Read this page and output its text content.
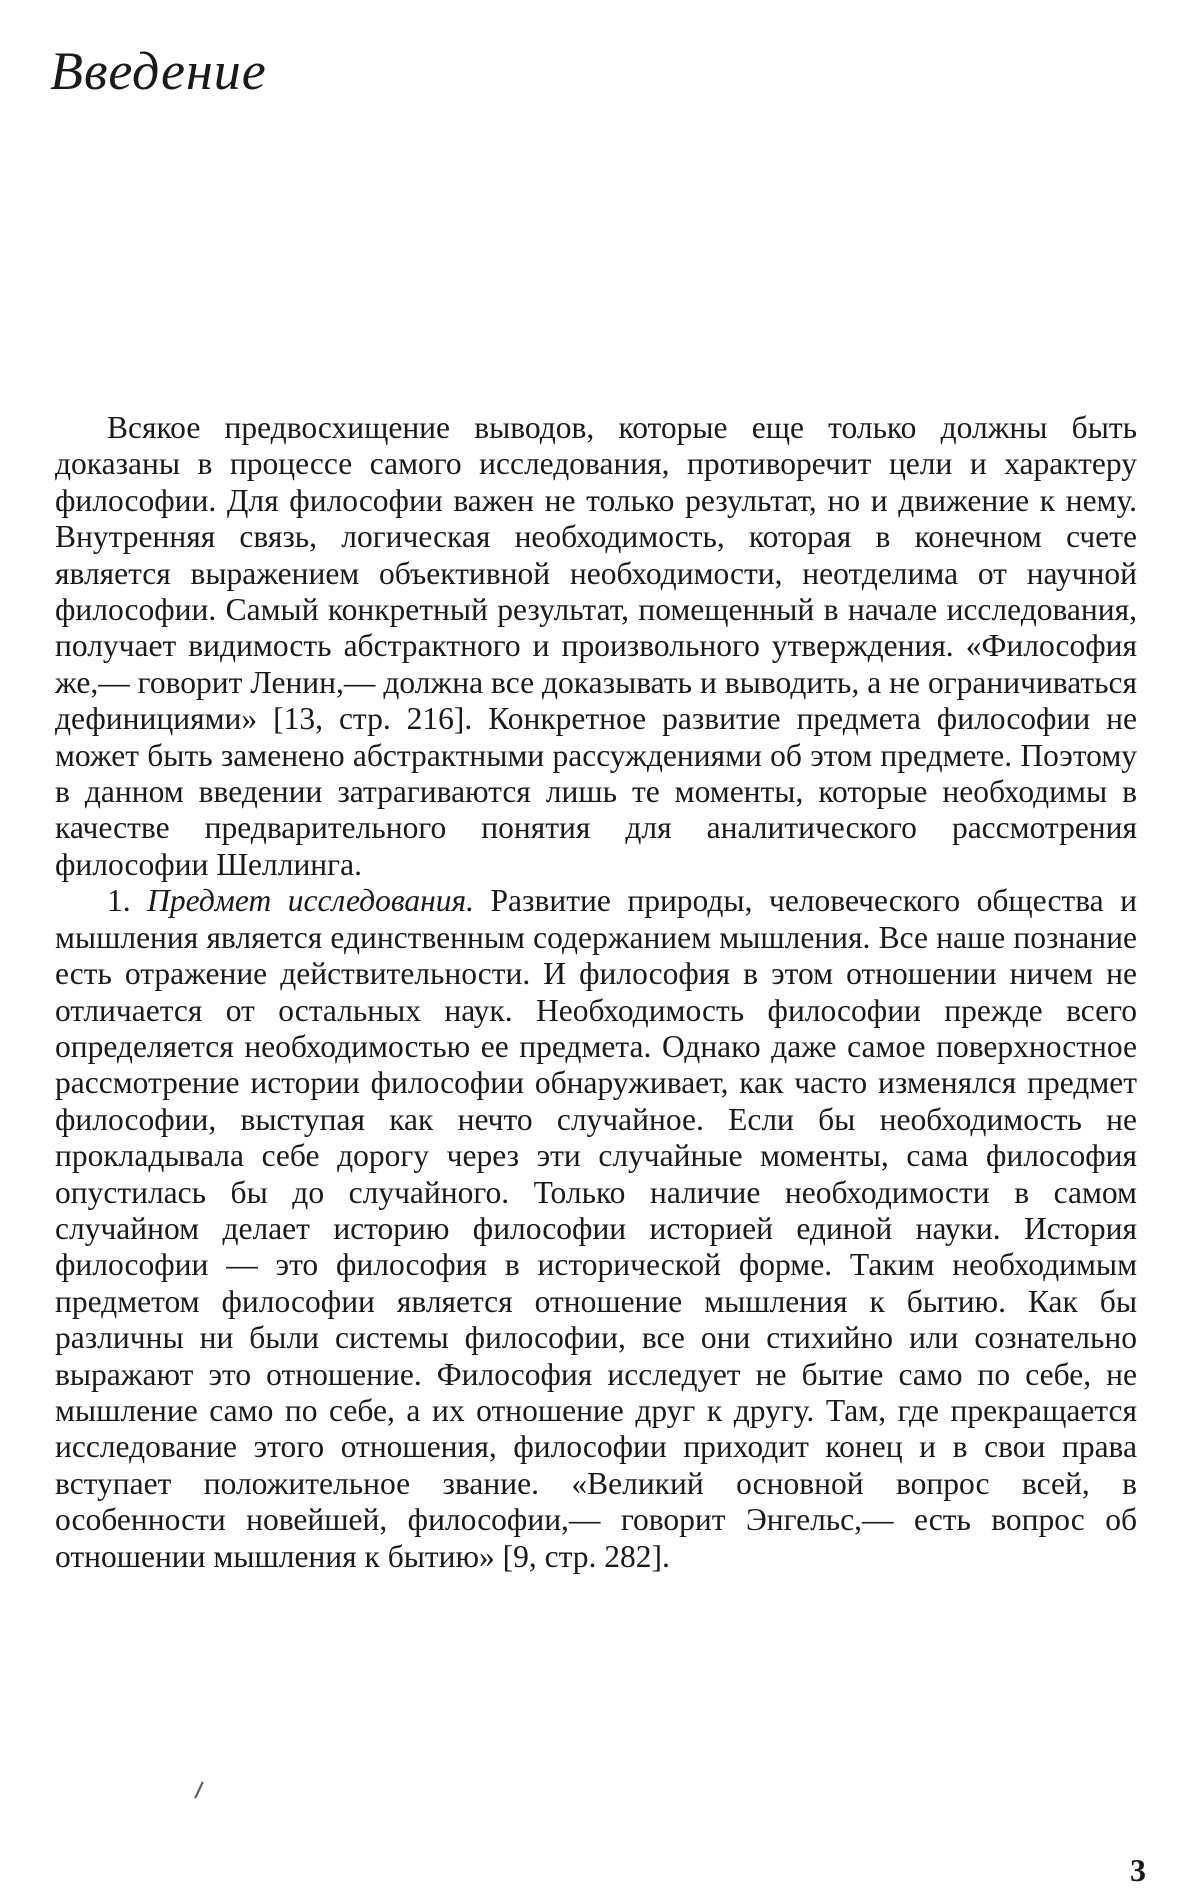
Введение

Всякое предвосхищение выводов, которые еще только должны быть доказаны в процессе самого исследования, противоречит цели и характеру философии. Для философии важен не только результат, но и движение к нему. Внутренняя связь, логическая необходимость, которая в конечном счете является выражением объективной необходимости, неотделима от научной философии. Самый конкретный результат, помещенный в начале исследования, получает видимость абстрактного и произвольного утверждения. «Философия же,— говорит Ленин,— должна все доказывать и выводить, а не ограничиваться дефинициями» [13, стр. 216]. Конкретное развитие предмета философии не может быть заменено абстрактными рассуждениями об этом предмете. Поэтому в данном введении затрагиваются лишь те моменты, которые необходимы в качестве предварительного понятия для аналитического рассмотрения философии Шеллинга.

1. Предмет исследования. Развитие природы, человеческого общества и мышления является единственным содержанием мышления. Все наше познание есть отражение действительности. И философия в этом отношении ничем не отличается от остальных наук. Необходимость философии прежде всего определяется необходимостью ее предмета. Однако даже самое поверхностное рассмотрение истории философии обнаруживает, как часто изменялся предмет философии, выступая как нечто случайное. Если бы необходимость не прокладывала себе дорогу через эти случайные моменты, сама философия опустилась бы до случайного. Только наличие необходимости в самом случайном делает историю философии историей единой науки. История философии — это философия в исторической форме. Таким необходимым предметом философии является отношение мышления к бытию. Как бы различны ни были системы философии, все они стихийно или сознательно выражают это отношение. Философия исследует не бытие само по себе, не мышление само по себе, а их отношение друг к другу. Там, где прекращается исследование этого отношения, философии приходит конец и в свои права вступает положительное звание. «Великий основной вопрос всей, в особенности новейшей, философии,— говорит Энгельс,— есть вопрос об отношении мышления к бытию» [9, стр. 282].

3
